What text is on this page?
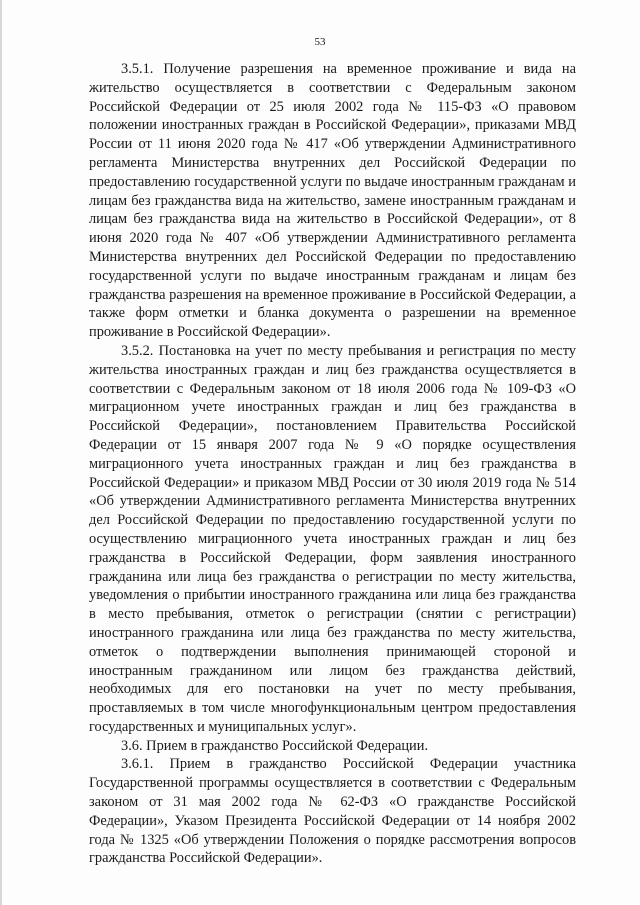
53

3.5.1. Получение разрешения на временное проживание и вида на жительство осуществляется в соответствии с Федеральным законом Российской Федерации от 25 июля 2002 года № 115-ФЗ «О правовом положении иностранных граждан в Российской Федерации», приказами МВД России от 11 июня 2020 года № 417 «Об утверждении Административного регламента Министерства внутренних дел Российской Федерации по предоставлению государственной услуги по выдаче иностранным гражданам и лицам без гражданства вида на жительство, замене иностранным гражданам и лицам без гражданства вида на жительство в Российской Федерации», от 8 июня 2020 года № 407 «Об утверждении Административного регламента Министерства внутренних дел Российской Федерации по предоставлению государственной услуги по выдаче иностранным гражданам и лицам без гражданства разрешения на временное проживание в Российской Федерации, а также форм отметки и бланка документа о разрешении на временное проживание в Российской Федерации».

3.5.2. Постановка на учет по месту пребывания и регистрация по месту жительства иностранных граждан и лиц без гражданства осуществляется в соответствии с Федеральным законом от 18 июля 2006 года № 109-ФЗ «О миграционном учете иностранных граждан и лиц без гражданства в Российской Федерации», постановлением Правительства Российской Федерации от 15 января 2007 года № 9 «О порядке осуществления миграционного учета иностранных граждан и лиц без гражданства в Российской Федерации» и приказом МВД России от 30 июля 2019 года № 514 «Об утверждении Административного регламента Министерства внутренних дел Российской Федерации по предоставлению государственной услуги по осуществлению миграционного учета иностранных граждан и лиц без гражданства в Российской Федерации, форм заявления иностранного гражданина или лица без гражданства о регистрации по месту жительства, уведомления о прибытии иностранного гражданина или лица без гражданства в место пребывания, отметок о регистрации (снятии с регистрации) иностранного гражданина или лица без гражданства по месту жительства, отметок о подтверждении выполнения принимающей стороной и иностранным гражданином или лицом без гражданства действий, необходимых для его постановки на учет по месту пребывания, проставляемых в том числе многофункциональным центром предоставления государственных и муниципальных услуг».

3.6. Прием в гражданство Российской Федерации.

3.6.1. Прием в гражданство Российской Федерации участника Государственной программы осуществляется в соответствии с Федеральным законом от 31 мая 2002 года № 62-ФЗ «О гражданстве Российской Федерации», Указом Президента Российской Федерации от 14 ноября 2002 года № 1325 «Об утверждении Положения о порядке рассмотрения вопросов гражданства Российской Федерации».
